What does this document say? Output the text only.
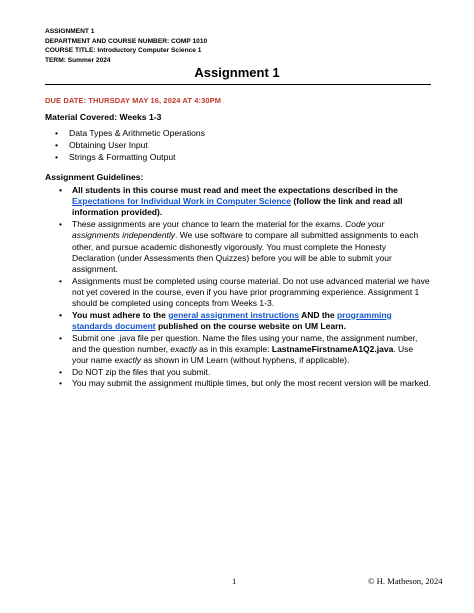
ASSIGNMENT 1
DEPARTMENT AND COURSE NUMBER: COMP 1010
COURSE TITLE: Introductory Computer Science 1
TERM: Summer 2024
Assignment 1
DUE DATE: THURSDAY MAY 16, 2024 AT 4:30PM
Material Covered: Weeks 1-3
• Data Types & Arithmetic Operations
• Obtaining User Input
• Strings & Formatting Output
Assignment Guidelines:
• All students in this course must read and meet the expectations described in the Expectations for Individual Work in Computer Science (follow the link and read all information provided).
• These assignments are your chance to learn the material for the exams. Code your assignments independently. We use software to compare all submitted assignments to each other, and pursue academic dishonestly vigorously. You must complete the Honesty Declaration (under Assessments then Quizzes) before you will be able to submit your assignment.
• Assignments must be completed using course material. Do not use advanced material we have not yet covered in the course, even if you have prior programming experience. Assignment 1 should be completed using concepts from Weeks 1-3.
• You must adhere to the general assignment instructions AND the programming standards document published on the course website on UM Learn.
• Submit one .java file per question. Name the files using your name, the assignment number, and the question number, exactly as in this example: LastnameFirstnameA1Q2.java. Use your name exactly as shown in UM Learn (without hyphens, if applicable).
• Do NOT zip the files that you submit.
• You may submit the assignment multiple times, but only the most recent version will be marked.
1	© H. Matheson, 2024
